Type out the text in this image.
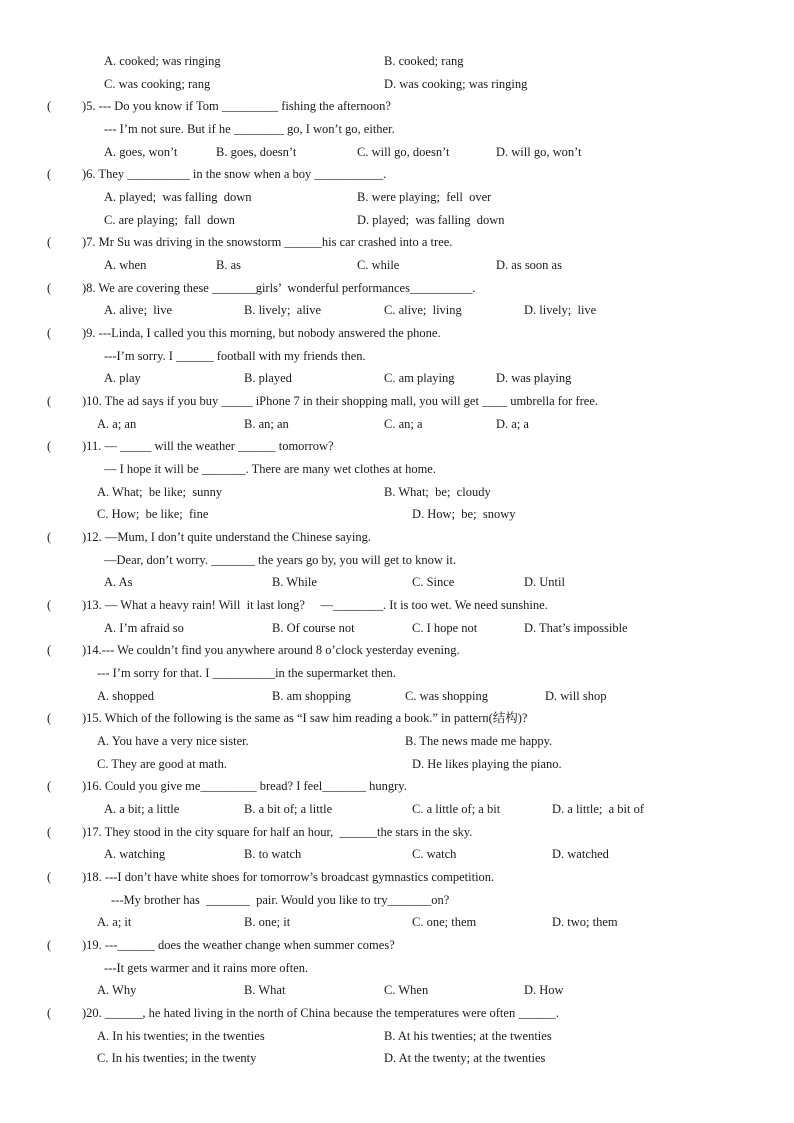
A. cooked; was ringing	B. cooked; rang
C. was cooking; rang	D. was cooking; was ringing
( )5. --- Do you know if Tom _________ fishing the afternoon?
--- I’m not sure. But if he ________ go, I won’t go, either.
A. goes, won’t	B. goes, doesn’t	C. will go, doesn’t	D. will go, won’t
( )6. They __________ in the snow when a boy ___________.
A. played;  was falling  down	B. were playing;  fell  over
C. are playing;  fall  down	D. played;  was falling  down
( )7. Mr Su was driving in the snowstorm ______his car crashed into a tree.
A. when	B. as	C. while	D. as soon as
( )8. We are covering these _______girls’  wonderful performances__________.
A. alive;  live	B. lively;  alive	C. alive;  living	D. lively;  live
( )9. ---Linda, I called you this morning, but nobody answered the phone.
---I’m sorry. I ______ football with my friends then.
A. play	B. played	C. am playing	D. was playing
( )10. The ad says if you buy _____ iPhone 7 in their shopping mall, you will get ____ umbrella for free.
A. a; an	B. an; an	C. an; a	D. a; a
( )11. — _____ will the weather ______ tomorrow?
— I hope it will be _______. There are many wet clothes at home.
A. What;  be like;  sunny	B. What;  be;  cloudy
C. How;  be like;  fine	D. How;  be;  snowy
( )12. —Mum, I don’t quite understand the Chinese saying.
—Dear, don’t worry. _______ the years go by, you will get to know it.
A. As	B. While	C. Since	D. Until
( )13. — What a heavy rain! Will  it last long?     —________. It is too wet. We need sunshine.
A. I’m afraid so	B. Of course not	C. I hope not	D. That’s impossible
( )14.--- We couldn’t find you anywhere around 8 o’clock yesterday evening.
--- I’m sorry for that. I __________in the supermarket then.
A. shopped	B. am shopping	C. was shopping	D. will shop
( )15. Which of the following is the same as “I saw him reading a book.” in pattern(结构)?
A. You have a very nice sister.	B. The news made me happy.
C. They are good at math.	D. He likes playing the piano.
( )16. Could you give me_________ bread? I feel_______ hungry.
A. a bit; a little	B. a bit of; a little	C. a little of; a bit	D. a little;  a bit of
( )17. They stood in the city square for half an hour,  ______the stars in the sky.
A. watching	B. to watch	C. watch	D. watched
( )18. ---I don’t have white shoes for tomorrow’s broadcast gymnastics competition.
---My brother has  _______  pair. Would you like to try_______on?
A. a; it	B. one; it	C. one; them	D. two; them
( )19. ---______ does the weather change when summer comes?
---It gets warmer and it rains more often.
A. Why	B. What	C. When	D. How
( )20. ______, he hated living in the north of China because the temperatures were often ______.
A. In his twenties; in the twenties	B. At his twenties; at the twenties
C. In his twenties; in the twenty	D. At the twenty; at the twenties
